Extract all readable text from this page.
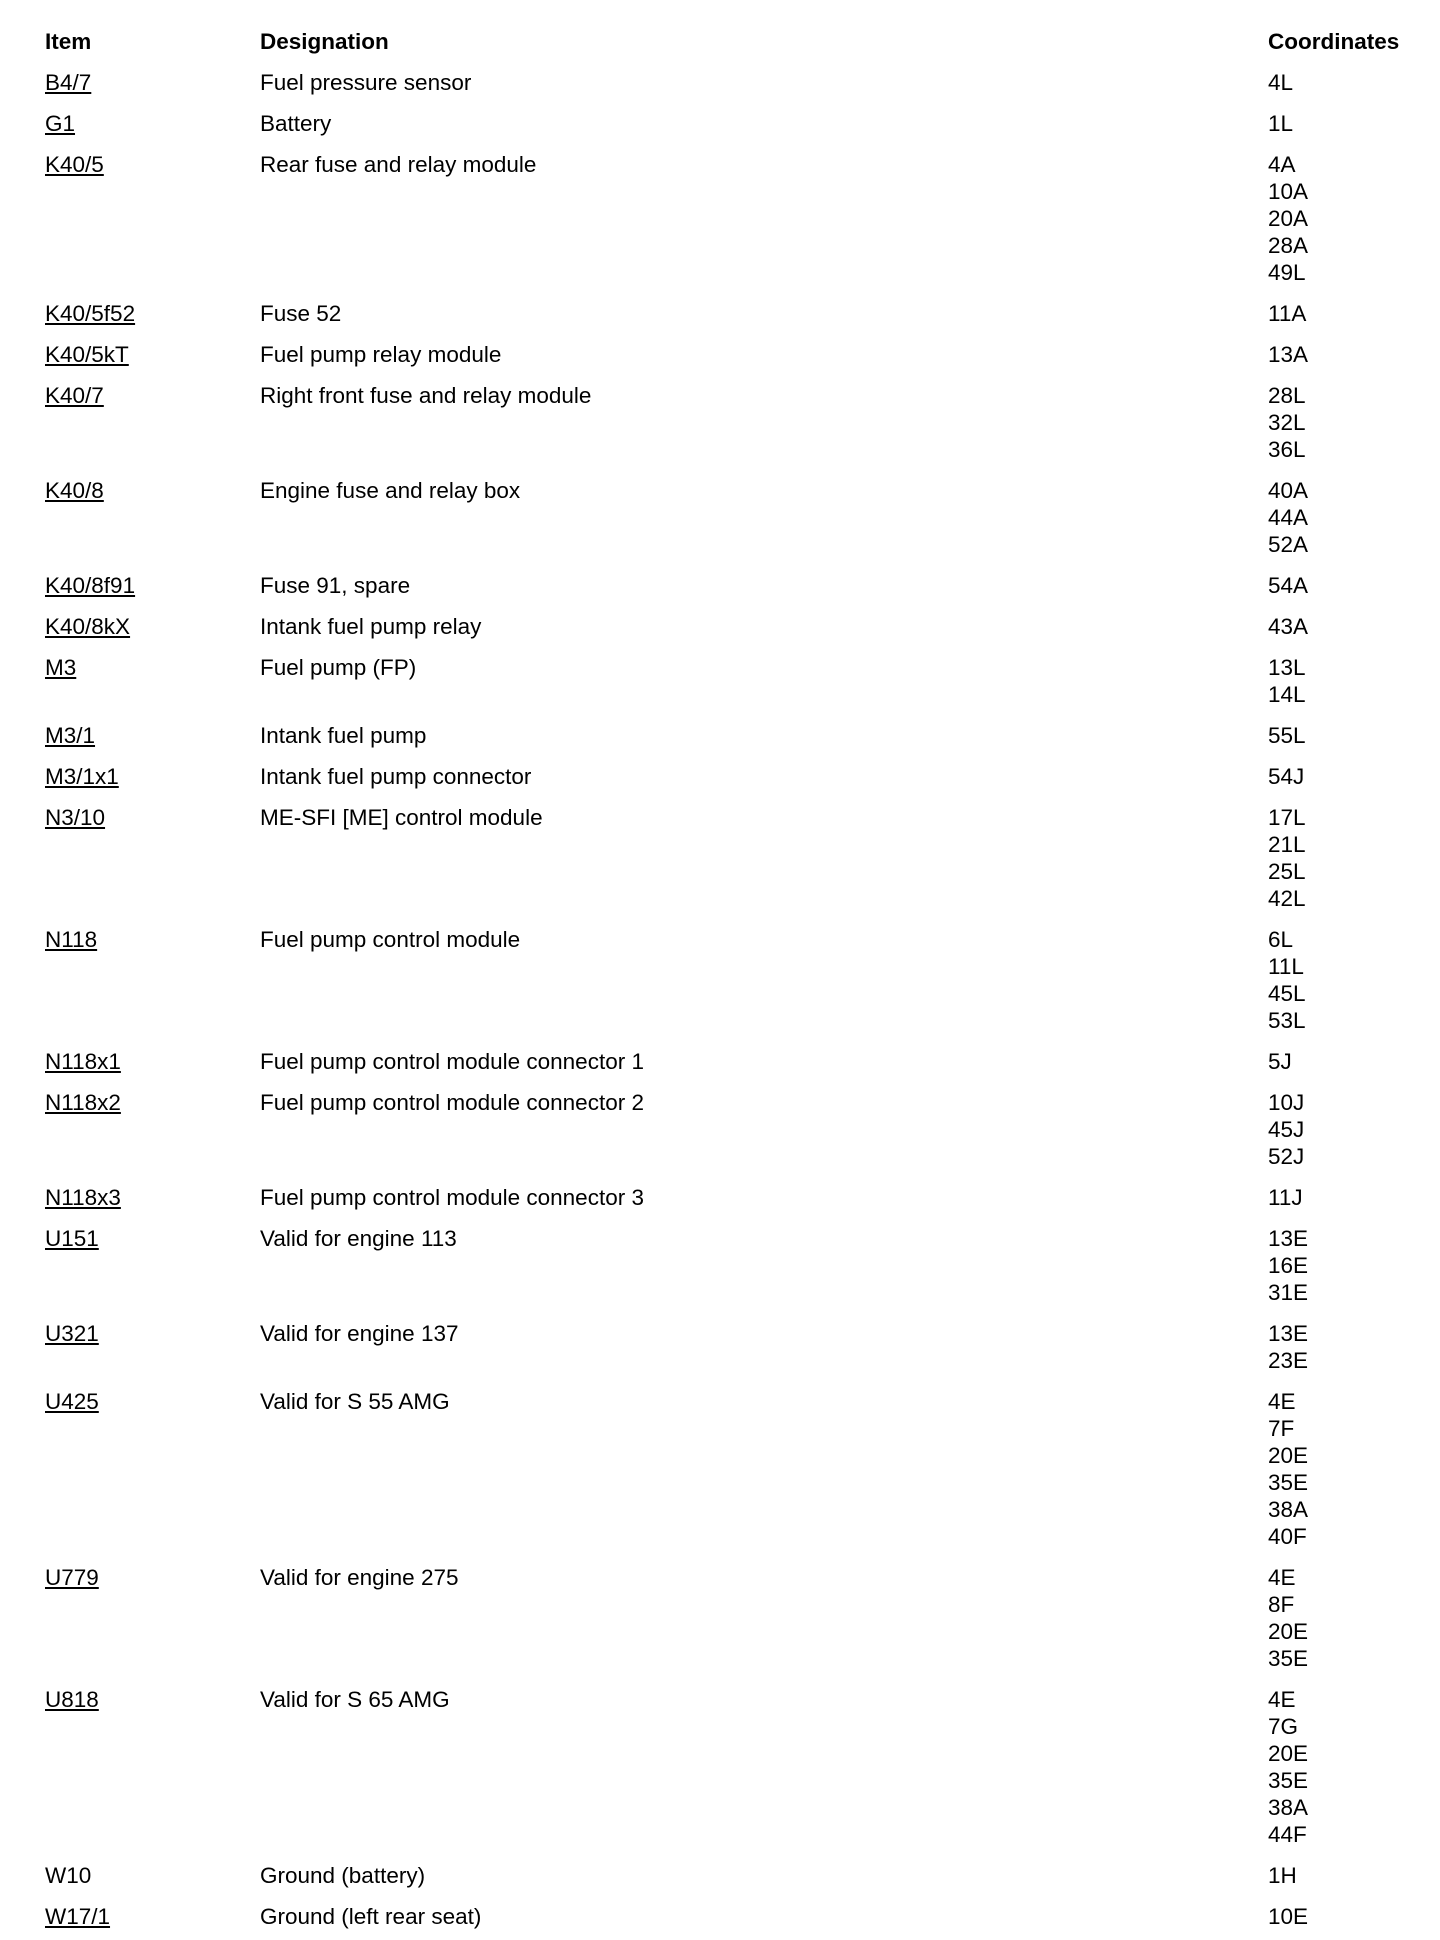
Item	Designation	Coordinates
B4/7	Fuel pressure sensor	4L
G1	Battery	1L
K40/5	Rear fuse and relay module	4A
10A
20A
28A
49L
K40/5f52	Fuse 52	11A
K40/5kT	Fuel pump relay module	13A
K40/7	Right front fuse and relay module	28L
32L
36L
K40/8	Engine fuse and relay box	40A
44A
52A
K40/8f91	Fuse 91, spare	54A
K40/8kX	Intank fuel pump relay	43A
M3	Fuel pump (FP)	13L
14L
M3/1	Intank fuel pump	55L
M3/1x1	Intank fuel pump connector	54J
N3/10	ME-SFI [ME] control module	17L
21L
25L
42L
N118	Fuel pump control module	6L
11L
45L
53L
N118x1	Fuel pump control module connector 1	5J
N118x2	Fuel pump control module connector 2	10J
45J
52J
N118x3	Fuel pump control module connector 3	11J
U151	Valid for engine 113	13E
16E
31E
U321	Valid for engine 137	13E
23E
U425	Valid for S 55 AMG	4E
7F
20E
35E
38A
40F
U779	Valid for engine 275	4E
8F
20E
35E
U818	Valid for S 65 AMG	4E
7G
20E
35E
38A
44F
W10	Ground (battery)	1H
W17/1	Ground (left rear seat)	10E
